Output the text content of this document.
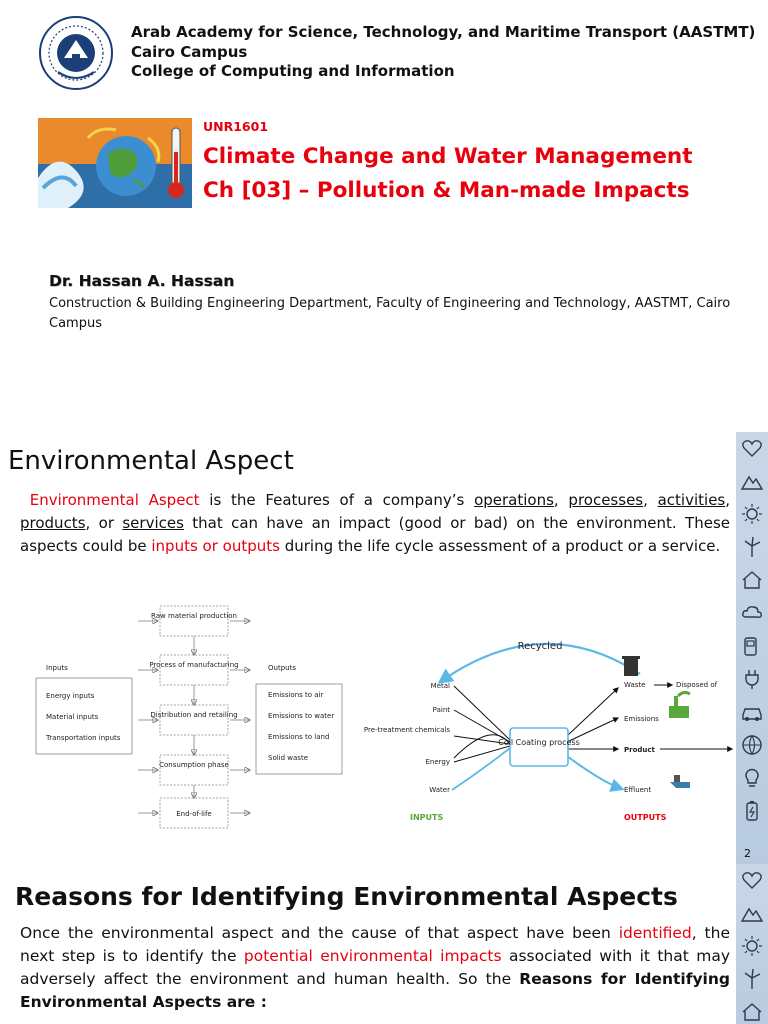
Arab Academy for Science, Technology, and Maritime Transport (AASTMT)
Cairo Campus
College of Computing and Information
UNR1601
Climate Change and Water Management
Ch [03] – Pollution & Man-made Impacts
Dr. Hassan A. Hassan
Construction & Building Engineering Department, Faculty of Engineering and Technology, AASTMT, Cairo Campus
Environmental Aspect
Environmental Aspect is the Features of a company’s operations, processes, activities, products, or services that can have an impact (good or bad) on the environment. These aspects could be inputs or outputs during the life cycle assessment of a product or a service.
Raw material production
Process of manufacturing
Distribution and retailing
Consumption phase
End-of-life
Inputs
Energy inputs
Material inputs
Transportation inputs
Outputs
Emissions to air
Emissions to water
Emissions to land
Solid waste
Recycled
Coil Coating process
Metal
Paint
Pre-treatment chemicals
Energy
Water
Waste
Emissions
Product
Effluent
Disposed of
INPUTS	OUTPUTS
2
Reasons for Identifying Environmental Aspects
Once the environmental aspect and the cause of that aspect have been identified, the next step is to identify the potential environmental impacts associated with it that may adversely affect the environment and human health. So the Reasons for Identifying Environmental Aspects are :
